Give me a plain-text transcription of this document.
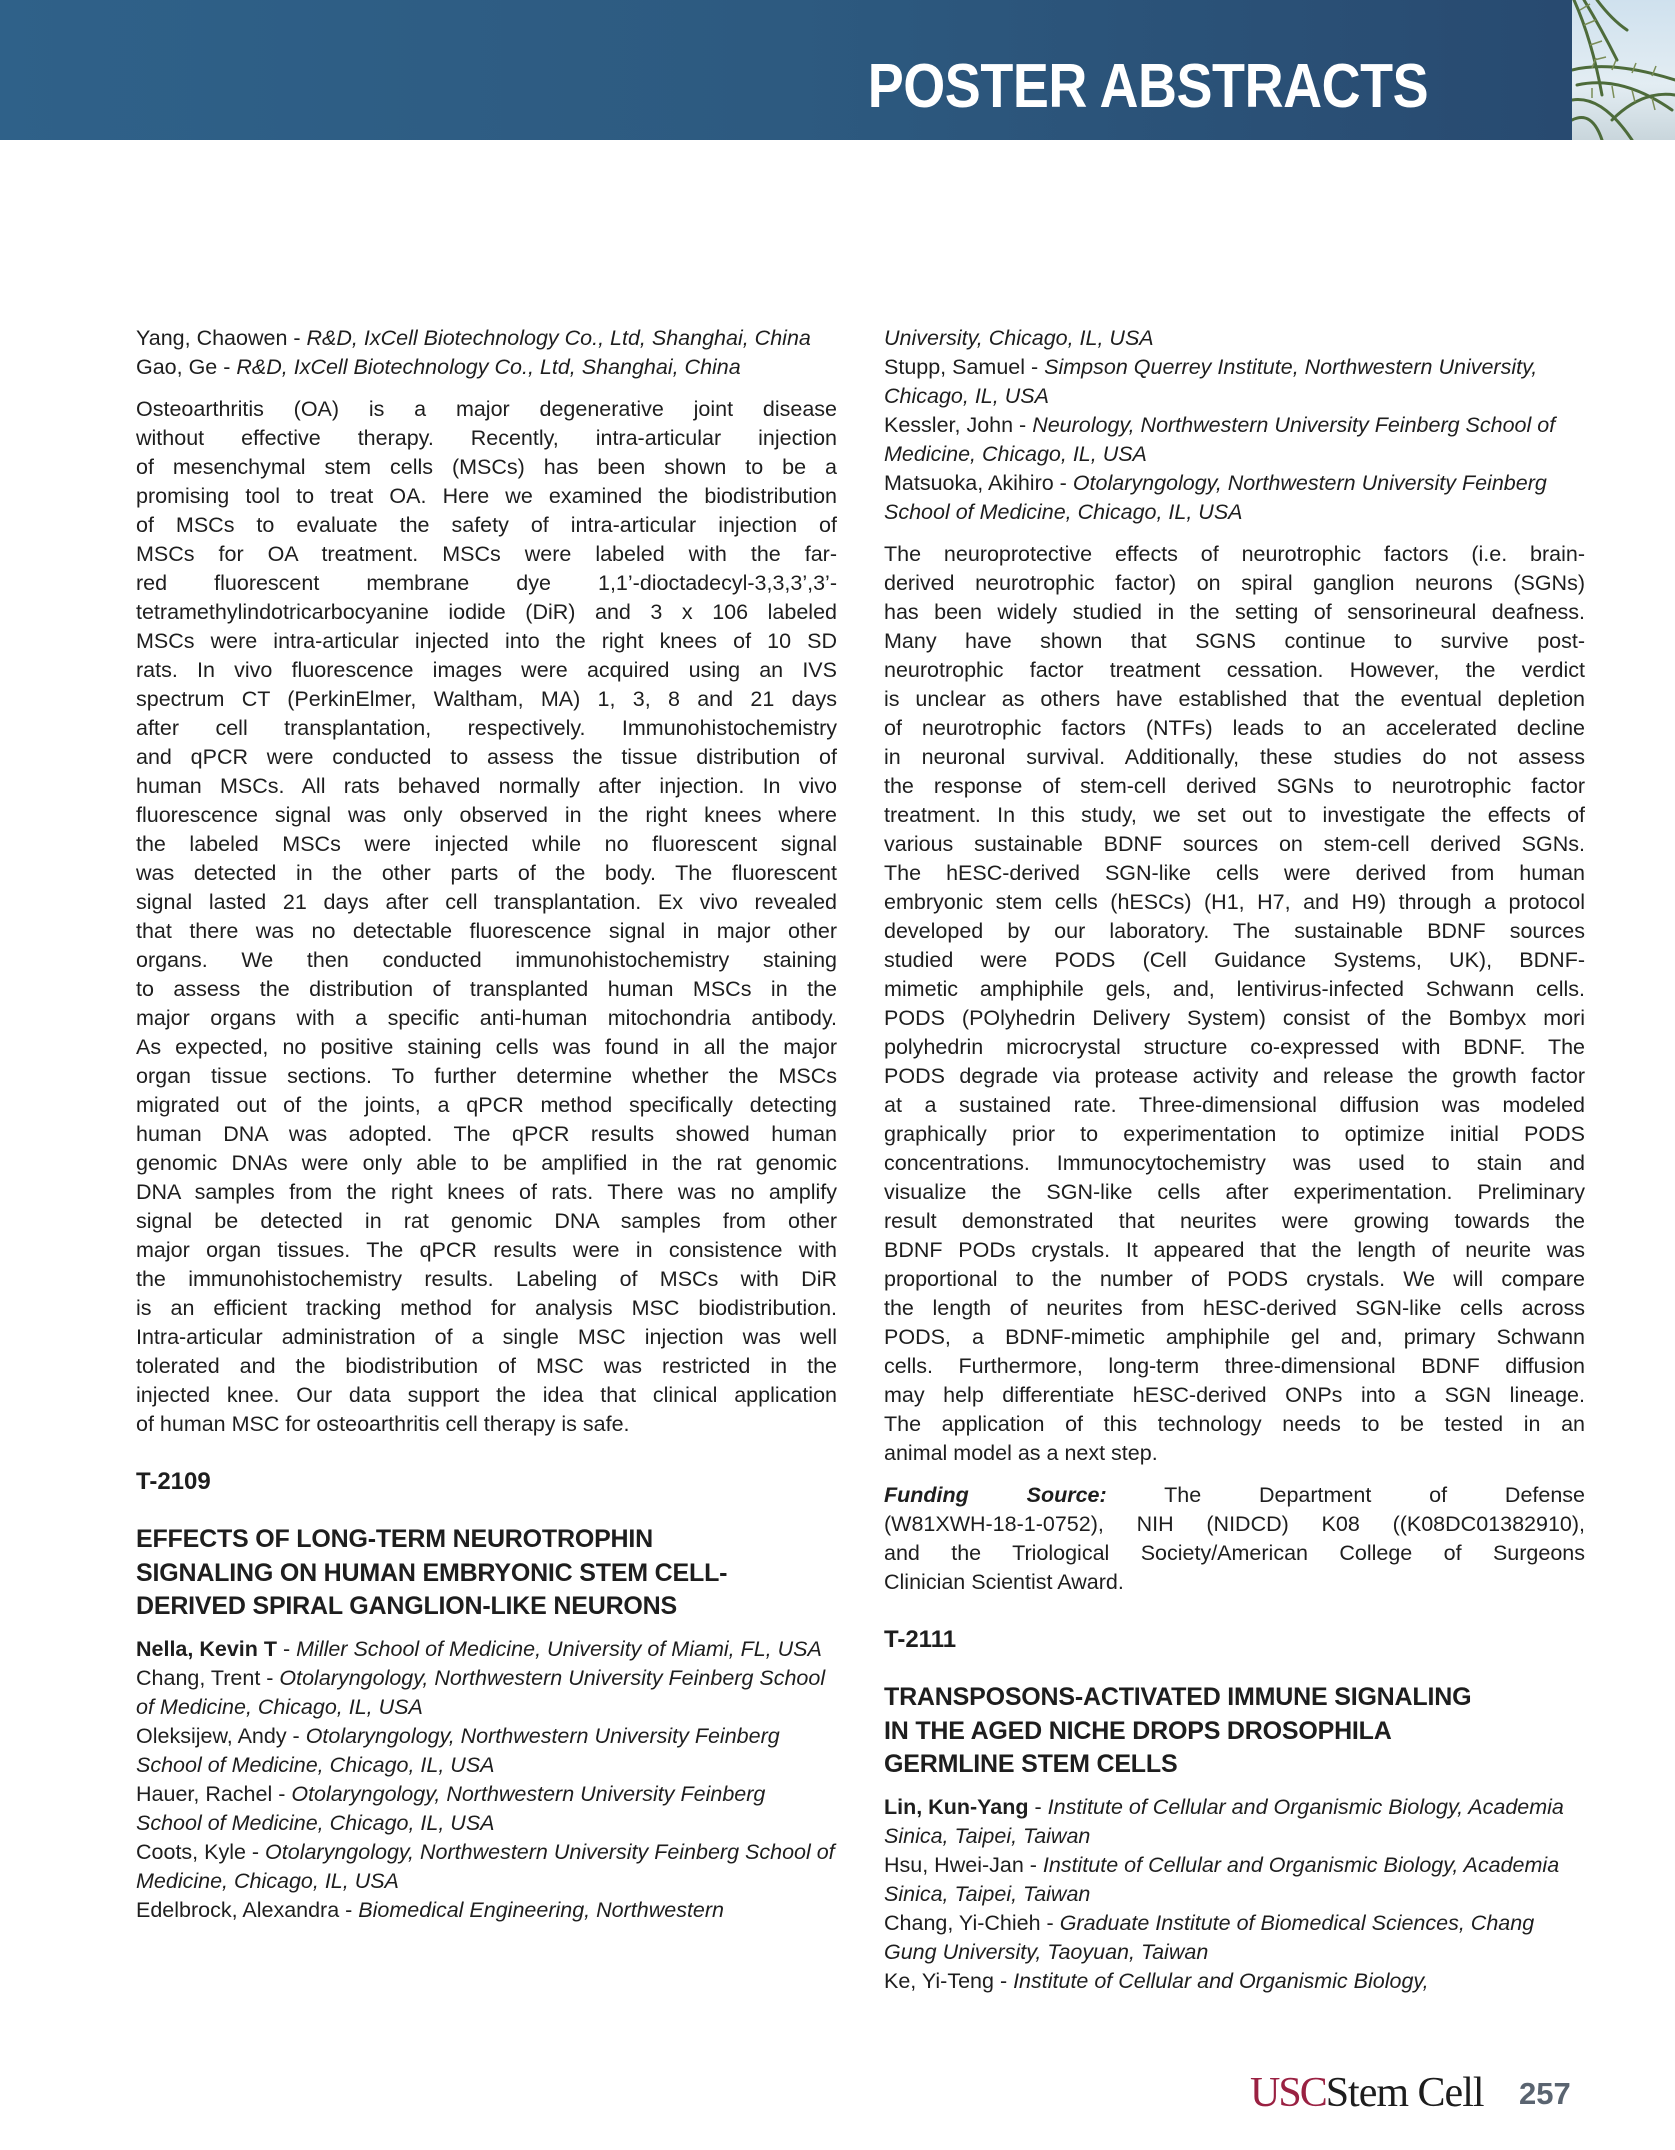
POSTER ABSTRACTS
Yang, Chaowen - R&D, IxCell Biotechnology Co., Ltd, Shanghai, China
Gao, Ge - R&D, IxCell Biotechnology Co., Ltd, Shanghai, China
Osteoarthritis (OA) is a major degenerative joint disease
without effective therapy. Recently, intra-articular injection
of mesenchymal stem cells (MSCs) has been shown to be a
promising tool to treat OA. Here we examined the biodistribution
of MSCs to evaluate the safety of intra-articular injection of
MSCs for OA treatment. MSCs were labeled with the far-
red fluorescent membrane dye 1,1’-dioctadecyl-3,3,3’,3’-
tetramethylindotricarbocyanine iodide (DiR) and 3 x 106 labeled
MSCs were intra-articular injected into the right knees of 10 SD
rats. In vivo fluorescence images were acquired using an IVS
spectrum CT (PerkinElmer, Waltham, MA) 1, 3, 8 and 21 days
after cell transplantation, respectively. Immunohistochemistry
and qPCR were conducted to assess the tissue distribution of
human MSCs. All rats behaved normally after injection. In vivo
fluorescence signal was only observed in the right knees where
the labeled MSCs were injected while no fluorescent signal
was detected in the other parts of the body. The fluorescent
signal lasted 21 days after cell transplantation. Ex vivo revealed
that there was no detectable fluorescence signal in major other
organs. We then conducted immunohistochemistry staining
to assess the distribution of transplanted human MSCs in the
major organs with a specific anti-human mitochondria antibody.
As expected, no positive staining cells was found in all the major
organ tissue sections. To further determine whether the MSCs
migrated out of the joints, a qPCR method specifically detecting
human DNA was adopted. The qPCR results showed human
genomic DNAs were only able to be amplified in the rat genomic
DNA samples from the right knees of rats. There was no amplify
signal be detected in rat genomic DNA samples from other
major organ tissues. The qPCR results were in consistence with
the immunohistochemistry results. Labeling of MSCs with DiR
is an efficient tracking method for analysis MSC biodistribution.
Intra-articular administration of a single MSC injection was well
tolerated and the biodistribution of MSC was restricted in the
injected knee. Our data support the idea that clinical application
of human MSC for osteoarthritis cell therapy is safe.
T-2109
EFFECTS OF LONG-TERM NEUROTROPHIN
SIGNALING ON HUMAN EMBRYONIC STEM CELL-
DERIVED SPIRAL GANGLION-LIKE NEURONS
Nella, Kevin T - Miller School of Medicine, University of Miami, FL, USA
Chang, Trent - Otolaryngology, Northwestern University Feinberg School of Medicine, Chicago, IL, USA
Oleksijew, Andy - Otolaryngology, Northwestern University Feinberg School of Medicine, Chicago, IL, USA
Hauer, Rachel - Otolaryngology, Northwestern University Feinberg School of Medicine, Chicago, IL, USA
Coots, Kyle - Otolaryngology, Northwestern University Feinberg School of Medicine, Chicago, IL, USA
Edelbrock, Alexandra - Biomedical Engineering, Northwestern
University, Chicago, IL, USA
Stupp, Samuel - Simpson Querrey Institute, Northwestern University, Chicago, IL, USA
Kessler, John - Neurology, Northwestern University Feinberg School of Medicine, Chicago, IL, USA
Matsuoka, Akihiro - Otolaryngology, Northwestern University Feinberg School of Medicine, Chicago, IL, USA
The neuroprotective effects of neurotrophic factors (i.e. brain-
derived neurotrophic factor) on spiral ganglion neurons (SGNs)
has been widely studied in the setting of sensorineural deafness.
Many have shown that SGNS continue to survive post-
neurotrophic factor treatment cessation. However, the verdict
is unclear as others have established that the eventual depletion
of neurotrophic factors (NTFs) leads to an accelerated decline
in neuronal survival. Additionally, these studies do not assess
the response of stem-cell derived SGNs to neurotrophic factor
treatment. In this study, we set out to investigate the effects of
various sustainable BDNF sources on stem-cell derived SGNs.
The hESC-derived SGN-like cells were derived from human
embryonic stem cells (hESCs) (H1, H7, and H9) through a protocol
developed by our laboratory. The sustainable BDNF sources
studied were PODS (Cell Guidance Systems, UK), BDNF-
mimetic amphiphile gels, and, lentivirus-infected Schwann cells.
PODS (POlyhedrin Delivery System) consist of the Bombyx mori
polyhedrin microcrystal structure co-expressed with BDNF. The
PODS degrade via protease activity and release the growth factor
at a sustained rate. Three-dimensional diffusion was modeled
graphically prior to experimentation to optimize initial PODS
concentrations. Immunocytochemistry was used to stain and
visualize the SGN-like cells after experimentation. Preliminary
result demonstrated that neurites were growing towards the
BDNF PODs crystals. It appeared that the length of neurite was
proportional to the number of PODS crystals. We will compare
the length of neurites from hESC-derived SGN-like cells across
PODS, a BDNF-mimetic amphiphile gel and, primary Schwann
cells. Furthermore, long-term three-dimensional BDNF diffusion
may help differentiate hESC-derived ONPs into a SGN lineage.
The application of this technology needs to be tested in an
animal model as a next step.
Funding Source:	The Department of Defense
(W81XWH-18-1-0752), NIH (NIDCD) K08 ((K08DC01382910),
and the Triological Society/American College of Surgeons
Clinician Scientist Award.
T-2111
TRANSPOSONS-ACTIVATED IMMUNE SIGNALING
IN THE AGED NICHE DROPS DROSOPHILA
GERMLINE STEM CELLS
Lin, Kun-Yang - Institute of Cellular and Organismic Biology, Academia Sinica, Taipei, Taiwan
Hsu, Hwei-Jan - Institute of Cellular and Organismic Biology, Academia Sinica, Taipei, Taiwan
Chang, Yi-Chieh - Graduate Institute of Biomedical Sciences, Chang Gung University, Taoyuan, Taiwan
Ke, Yi-Teng - Institute of Cellular and Organismic Biology,
USCStem Cell 257
